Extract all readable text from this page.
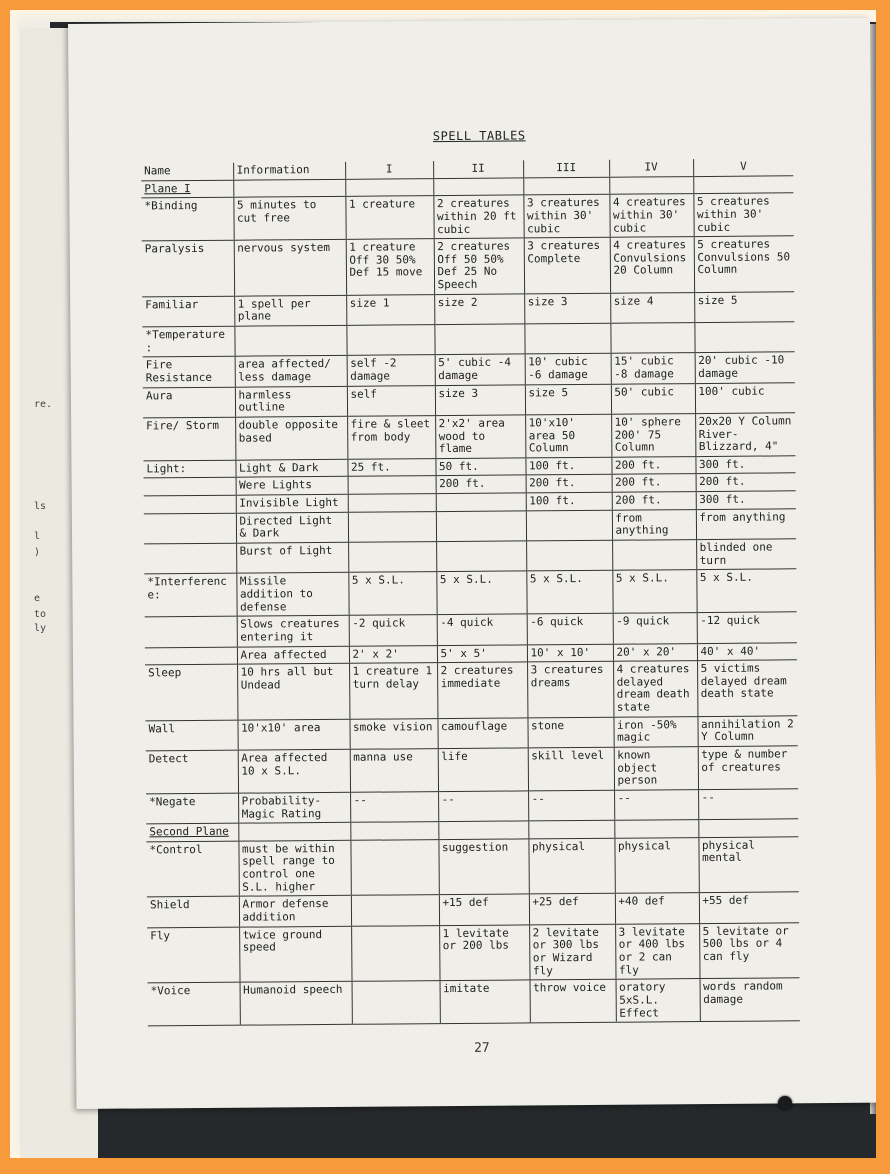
re.
ls
l
)
e
to
ly
SPELL TABLES
Name	Information	I	II	III	IV	V
Plane I						
*Binding	5 minutes to cut free	1 creature	2 creatures within 20 ft cubic	3 creatures within 30' cubic	4 creatures within 30' cubic	5 creatures within 30' cubic
Paralysis	nervous system	1 creature Off 30 50% Def 15 move	2 creatures Off 50 50% Def 25 No Speech	3 creatures Complete	4 creatures Convulsions 20 Column	5 creatures Convulsions 50 Column
Familiar	1 spell per plane	size 1	size 2	size 3	size 4	size 5
*Temperature:						
Fire Resistance	area affected/ less damage	self -2 damage	5' cubic -4 damage	10' cubic -6 damage	15' cubic -8 damage	20' cubic -10 damage
Aura	harmless outline	self	size 3	size 5	50' cubic	100' cubic
Fire/ Storm	double opposite based	fire & sleet from body	2'x2' area wood to flame	10'x10' area 50 Column	10' sphere 200' 75 Column	20x20 Y Column River-Blizzard, 4"
Light:	Light & Dark	25 ft.	50 ft.	100 ft.	200 ft.	300 ft.
	Were Lights		200 ft.	200 ft.	200 ft.	200 ft.
	Invisible Light			100 ft.	200 ft.	300 ft.
	Directed Light & Dark				from anything	from anything
	Burst of Light					blinded one turn
*Interference:	Missile addition to defense	5 x S.L.	5 x S.L.	5 x S.L.	5 x S.L.	5 x S.L.
	Slows creatures entering it	-2 quick	-4 quick	-6 quick	-9 quick	-12 quick
	Area affected	2' x 2'	5' x 5'	10' x 10'	20' x 20'	40' x 40'
Sleep	10 hrs all but Undead	1 creature 1 turn delay	2 creatures immediate	3 creatures dreams	4 creatures delayed dream death state	5 victims delayed dream death state
Wall	10'x10' area	smoke vision	camouflage	stone	iron -50% magic	annihilation 2 Y Column
Detect	Area affected 10 x S.L.	manna use	life	skill level	known object person	type & number of creatures
*Negate	Probability-Magic Rating	--	--	--	--	--
Second Plane						
*Control	must be within spell range to control one S.L. higher		suggestion	physical	physical	physical mental
Shield	Armor defense addition		+15 def	+25 def	+40 def	+55 def
Fly	twice ground speed		1 levitate or 200 lbs	2 levitate or 300 lbs or Wizard fly	3 levitate or 400 lbs or 2 can fly	5 levitate or 500 lbs or 4 can fly
*Voice	Humanoid speech		imitate	throw voice	oratory 5xS.L. Effect	words random damage
27
